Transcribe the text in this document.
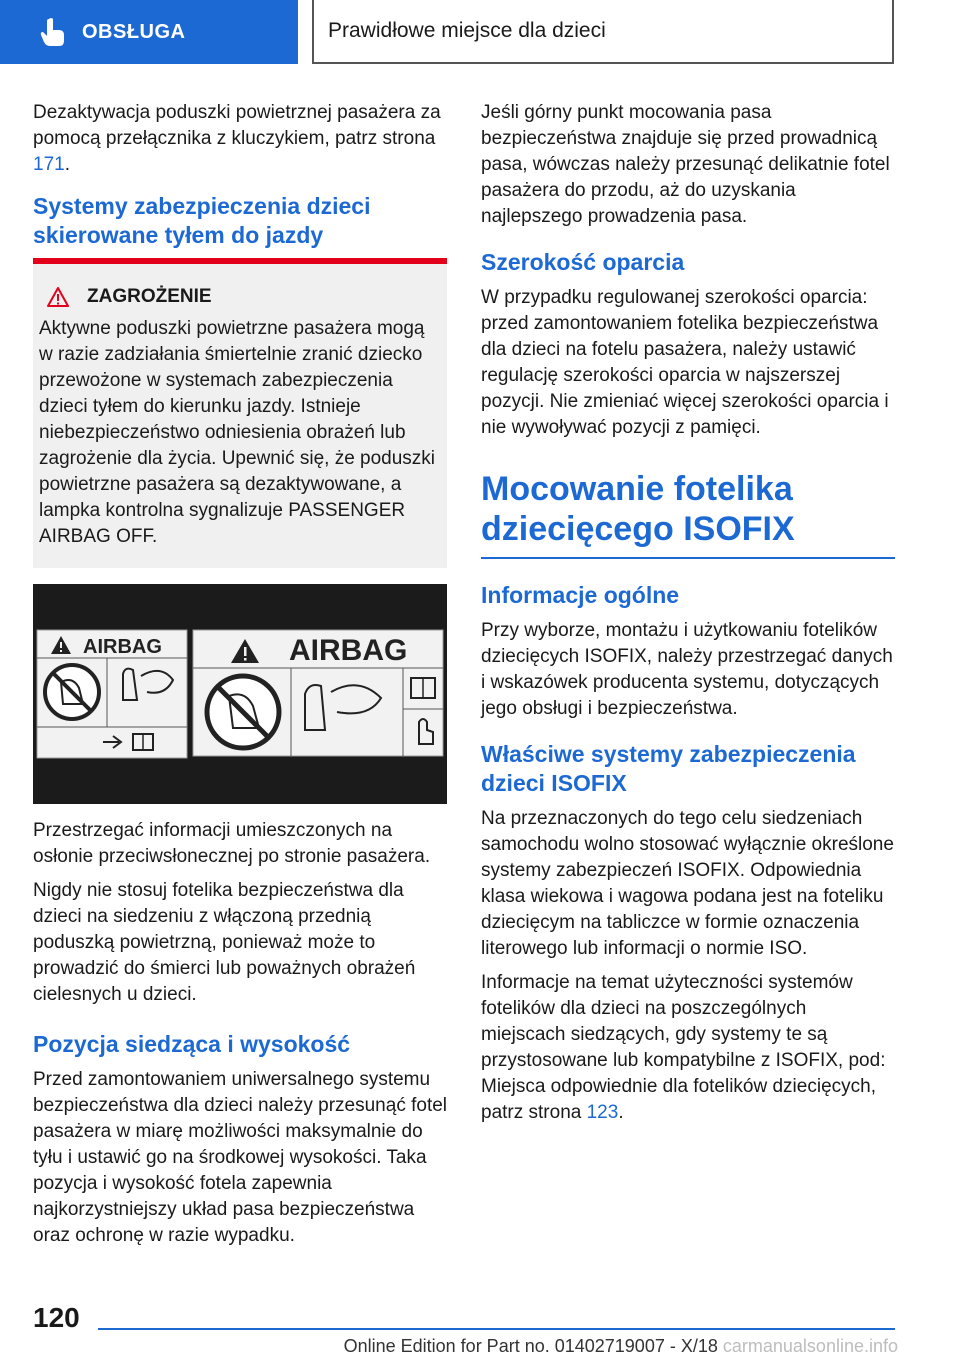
OBSŁUGA	Prawidłowe miejsce dla dzieci

Dezaktywacja poduszki powietrznej pasażera za pomocą przełącznika z kluczykiem, patrz strona 171.

Systemy zabezpieczenia dzieci skierowane tyłem do jazdy
ZAGROŻENIE
Aktywne poduszki powietrzne pasażera mogą w razie zadziałania śmiertelnie zranić dziecko przewożone w systemach zabezpieczenia dzieci tyłem do kierunku jazdy. Istnieje niebezpieczeństwo odniesienia obrażeń lub zagrożenie dla życia. Upewnić się, że poduszki powietrzne pasażera są dezaktywowane, a lampka kontrolna sygnalizuje PASSENGER AIRBAG OFF.
AIRBAG	AIRBAG

Przestrzegać informacji umieszczonych na osłonie przeciwsłonecznej po stronie pasażera.

Nigdy nie stosuj fotelika bezpieczeństwa dla dzieci na siedzeniu z włączoną przednią poduszką powietrzną, ponieważ może to prowadzić do śmierci lub poważnych obrażeń cielesnych u dzieci.

Pozycja siedząca i wysokość

Przed zamontowaniem uniwersalnego systemu bezpieczeństwa dla dzieci należy przesunąć fotel pasażera w miarę możliwości maksymalnie do tyłu i ustawić go na środkowej wysokości. Taka pozycja i wysokość fotela zapewnia najkorzystniejszy układ pasa bezpieczeństwa oraz ochronę w razie wypadku.

Jeśli górny punkt mocowania pasa bezpieczeństwa znajduje się przed prowadnicą pasa, wówczas należy przesunąć delikatnie fotel pasażera do przodu, aż do uzyskania najlepszego prowadzenia pasa.

Szerokość oparcia

W przypadku regulowanej szerokości oparcia: przed zamontowaniem fotelika bezpieczeństwa dla dzieci na fotelu pasażera, należy ustawić regulację szerokości oparcia w najszerszej pozycji. Nie zmieniać więcej szerokości oparcia i nie wywoływać pozycji z pamięci.

Mocowanie fotelika dziecięcego ISOFIX
Informacje ogólne

Przy wyborze, montażu i użytkowaniu fotelików dziecięcych ISOFIX, należy przestrzegać danych i wskazówek producenta systemu, dotyczących jego obsługi i bezpieczeństwa.

Właściwe systemy zabezpieczenia dzieci ISOFIX

Na przeznaczonych do tego celu siedzeniach samochodu wolno stosować wyłącznie określone systemy zabezpieczeń ISOFIX. Odpowiednia klasa wiekowa i wagowa podana jest na foteliku dziecięcym na tabliczce w formie oznaczenia literowego lub informacji o normie ISO.

Informacje na temat użyteczności systemów fotelików dla dzieci na poszczególnych miejscach siedzących, gdy systemy te są przystosowane lub kompatybilne z ISOFIX, pod: Miejsca odpowiednie dla fotelików dziecięcych, patrz strona 123.

120
Online Edition for Part no. 01402719007 - X/18 carmanualsonline.info
